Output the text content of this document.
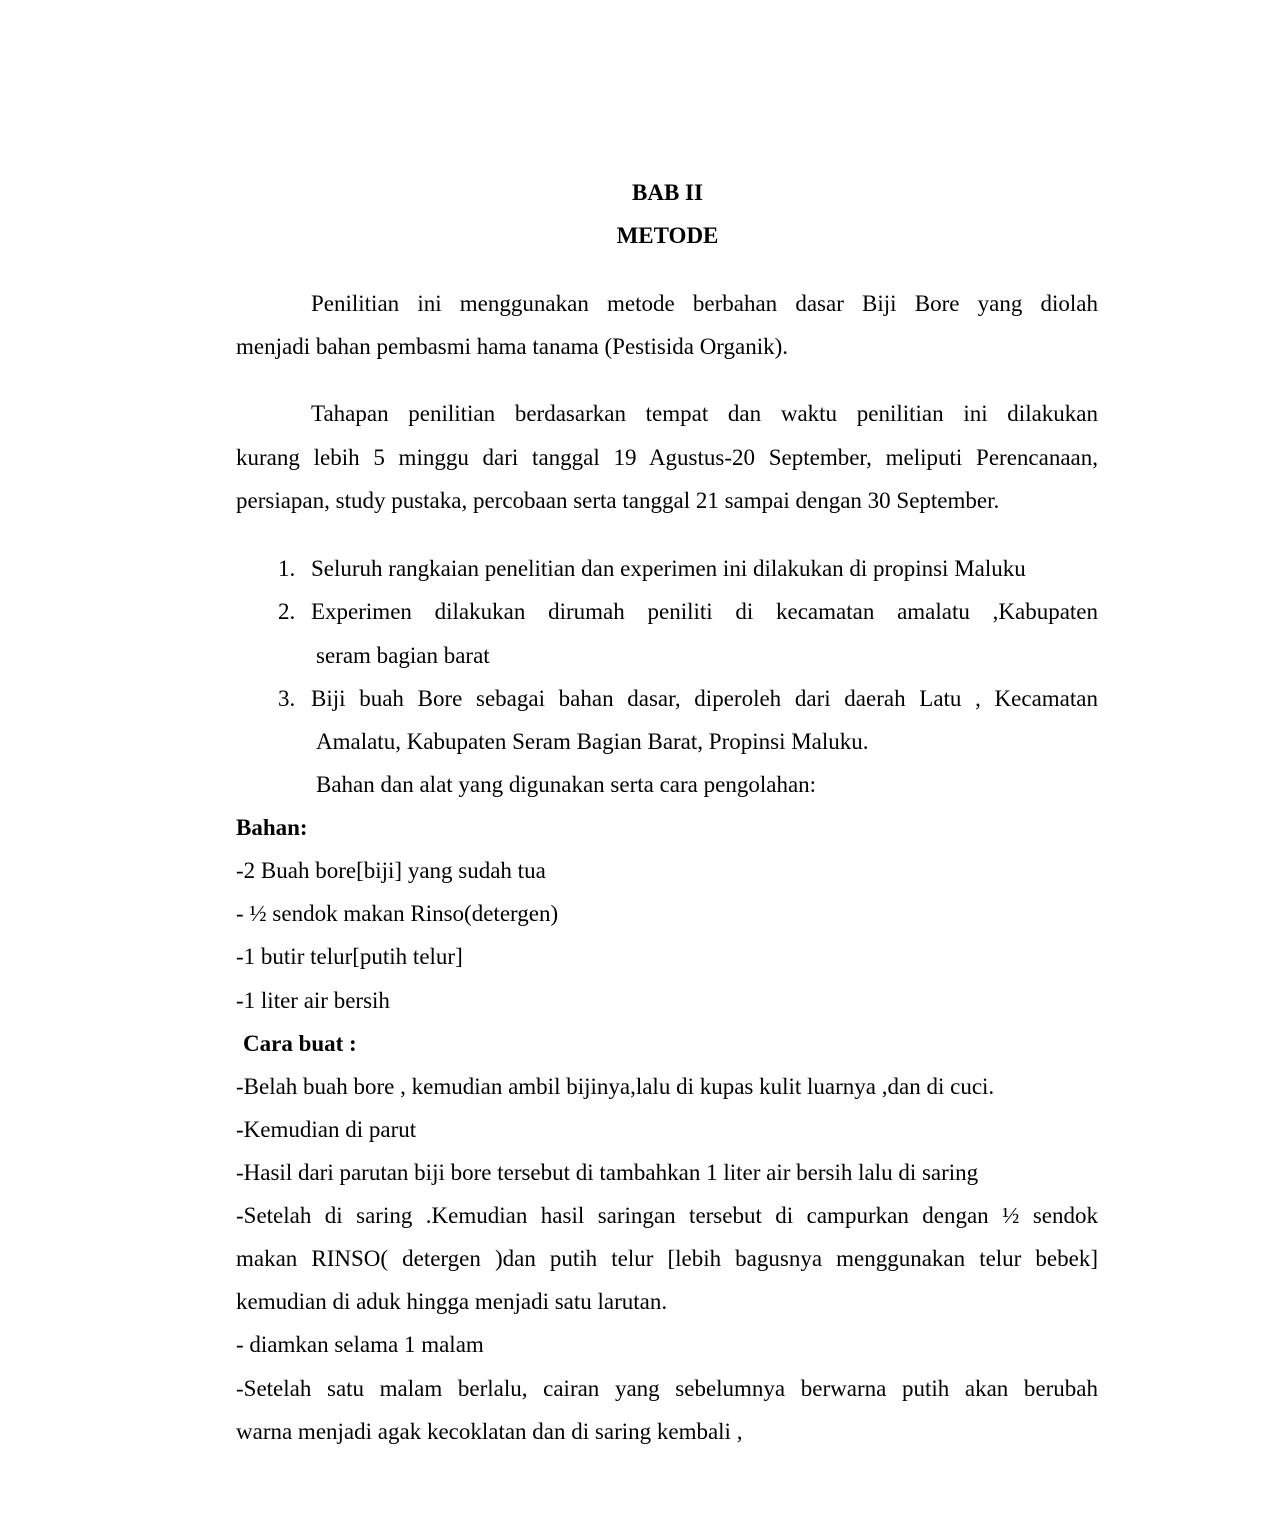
BAB II
METODE
Penilitian ini menggunakan metode berbahan dasar Biji Bore yang diolah
menjadi bahan pembasmi hama tanama (Pestisida Organik).
Tahapan penilitian berdasarkan tempat dan waktu penilitian ini dilakukan
kurang lebih 5 minggu dari tanggal 19 Agustus-20 September, meliputi Perencanaan,
persiapan, study pustaka, percobaan serta tanggal 21 sampai dengan 30 September.
1. Seluruh rangkaian penelitian dan experimen ini dilakukan di propinsi Maluku
2. Experimen dilakukan dirumah peniliti di kecamatan amalatu ,Kabupaten
seram bagian barat
3. Biji buah Bore sebagai bahan dasar, diperoleh dari daerah Latu , Kecamatan
Amalatu, Kabupaten Seram Bagian Barat, Propinsi Maluku.
Bahan dan alat yang digunakan serta cara pengolahan:
Bahan:
-2 Buah bore[biji] yang sudah tua
- ½ sendok makan Rinso(detergen)
-1 butir telur[putih telur]
-1 liter air bersih
Cara buat :
-Belah buah bore , kemudian ambil bijinya,lalu di kupas kulit luarnya ,dan di cuci.
-Kemudian di parut
-Hasil dari parutan biji bore tersebut di tambahkan 1 liter air bersih lalu di saring
-Setelah di saring .Kemudian hasil saringan tersebut di campurkan dengan ½ sendok
makan RINSO( detergen )dan putih telur [lebih bagusnya menggunakan telur bebek]
kemudian di aduk hingga menjadi satu larutan.
- diamkan selama 1 malam
-Setelah satu malam berlalu, cairan yang sebelumnya berwarna putih akan berubah
warna menjadi agak kecoklatan dan di saring kembali ,
